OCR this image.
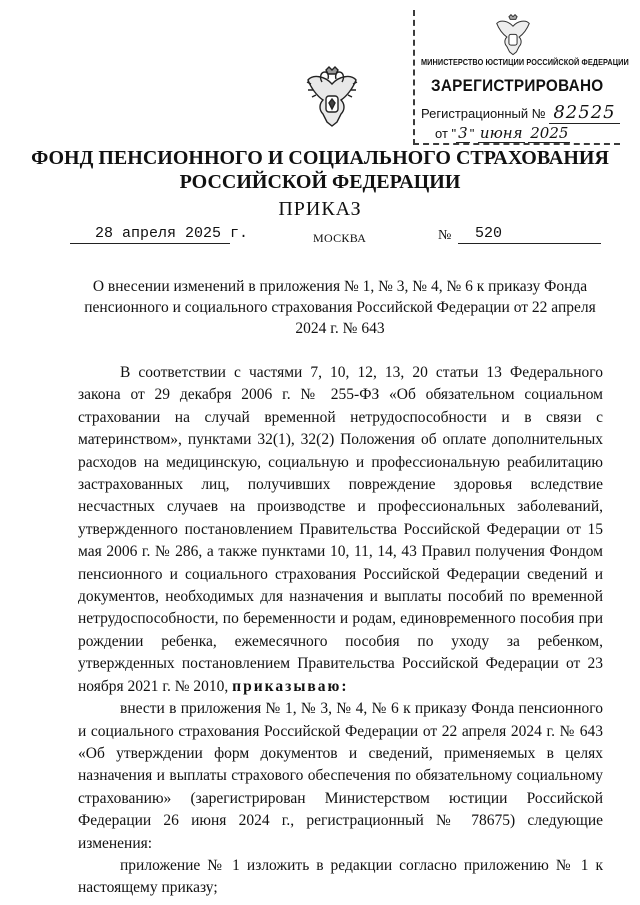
МИНИСТЕРСТВО ЮСТИЦИИ РОССИЙСКОЙ ФЕДЕРАЦИИ
ЗАРЕГИСТРИРОВАНО
Регистрационный № 82525
от " 3 " июня 2025
ФОНД ПЕНСИОННОГО И СОЦИАЛЬНОГО СТРАХОВАНИЯ
РОССИЙСКОЙ ФЕДЕРАЦИИ
ПРИКАЗ
28 апреля 2025 г.	МОСКВА	№ 520
О внесении изменений в приложения № 1, № 3, № 4, № 6 к приказу Фонда пенсионного и социального страхования Российской Федерации от 22 апреля 2024 г. № 643

В соответствии с частями 7, 10, 12, 13, 20 статьи 13 Федерального закона от 29 декабря 2006 г. № 255-ФЗ «Об обязательном социальном страховании на случай временной нетрудоспособности и в связи с материнством», пунктами 32(1), 32(2) Положения об оплате дополнительных расходов на медицинскую, социальную и профессиональную реабилитацию застрахованных лиц, получивших повреждение здоровья вследствие несчастных случаев на производстве и профессиональных заболеваний, утвержденного постановлением Правительства Российской Федерации от 15 мая 2006 г. № 286, а также пунктами 10, 11, 14, 43 Правил получения Фондом пенсионного и социального страхования Российской Федерации сведений и документов, необходимых для назначения и выплаты пособий по временной нетрудоспособности, по беременности и родам, единовременного пособия при рождении ребенка, ежемесячного пособия по уходу за ребенком, утвержденных постановлением Правительства Российской Федерации от 23 ноября 2021 г. № 2010, приказываю:

внести в приложения № 1, № 3, № 4, № 6 к приказу Фонда пенсионного и социального страхования Российской Федерации от 22 апреля 2024 г. № 643 «Об утверждении форм документов и сведений, применяемых в целях назначения и выплаты страхового обеспечения по обязательному социальному страхованию» (зарегистрирован Министерством юстиции Российской Федерации 26 июня 2024 г., регистрационный № 78675) следующие изменения:

приложение № 1 изложить в редакции согласно приложению № 1 к настоящему приказу;
